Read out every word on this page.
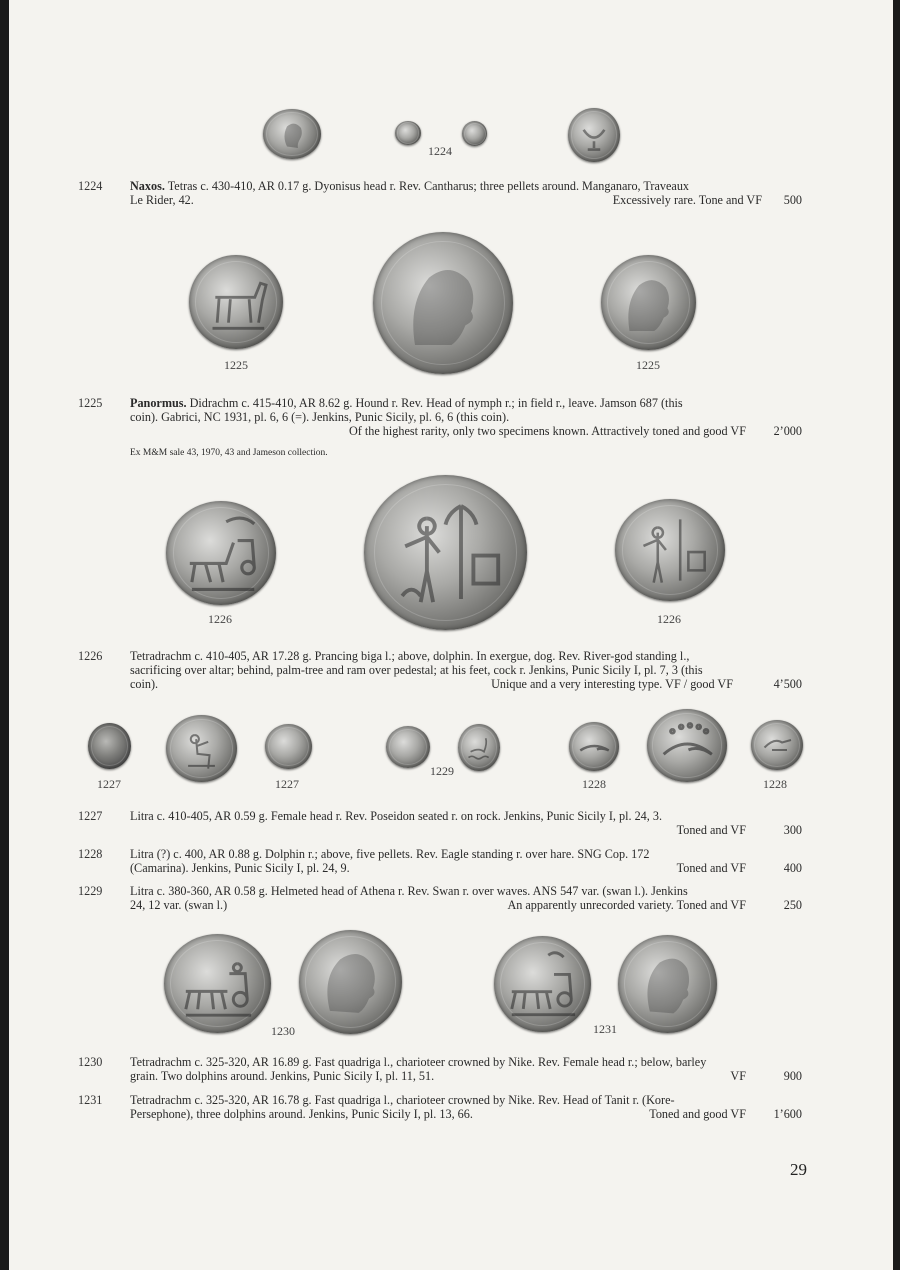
1224
1224 Naxos. Tetras c. 430-410, AR 0.17 g. Dyonisus head r. Rev. Cantharus; three pellets around. Manganaro, Traveaux
Le Rider, 42.	Excessively rare. Tone and VF 500
1225	1225
1225 Panormus. Didrachm c. 415-410, AR 8.62 g. Hound r. Rev. Head of nymph r.; in field r., leave. Jamson 687 (this
coin). Gabrici, NC 1931, pl. 6, 6 (=). Jenkins, Punic Sicily, pl. 6, 6 (this coin).
Of the highest rarity, only two specimens known. Attractively toned and good VF 2’000
Ex M&M sale 43, 1970, 43 and Jameson collection.
1226	1226
1226 Tetradrachm c. 410-405, AR 17.28 g. Prancing biga l.; above, dolphin. In exergue, dog. Rev. River-god standing l.,
sacrificing over altar; behind, palm-tree and ram over pedestal; at his feet, cock r. Jenkins, Punic Sicily I, pl. 7, 3 (this
coin).	Unique and a very interesting type. VF / good VF	4’500
1227	1227
1229
1228	1228
1227 Litra c. 410-405, AR 0.59 g. Female head r. Rev. Poseidon seated r. on rock. Jenkins, Punic Sicily I, pl. 24, 3.
Toned and VF	300
1228 Litra (?) c. 400, AR 0.88 g. Dolphin r.; above, five pellets. Rev. Eagle standing r. over hare. SNG Cop. 172
(Camarina). Jenkins, Punic Sicily I, pl. 24, 9.	Toned and VF	400
1229 Litra c. 380-360, AR 0.58 g. Helmeted head of Athena r. Rev. Swan r. over waves. ANS 547 var. (swan l.). Jenkins
24, 12 var. (swan l.)	An apparently unrecorded variety. Toned and VF	250
1230	1231
1230 Tetradrachm c. 325-320, AR 16.89 g. Fast quadriga l., charioteer crowned by Nike. Rev. Female head r.; below, barley
grain. Two dolphins around. Jenkins, Punic Sicily I, pl. 11, 51.	VF	900
1231 Tetradrachm c. 325-320, AR 16.78 g. Fast quadriga l., charioteer crowned by Nike. Rev. Head of Tanit r. (Kore-
Persephone), three dolphins around. Jenkins, Punic Sicily I, pl. 13, 66.	Toned and good VF 1’600
29
